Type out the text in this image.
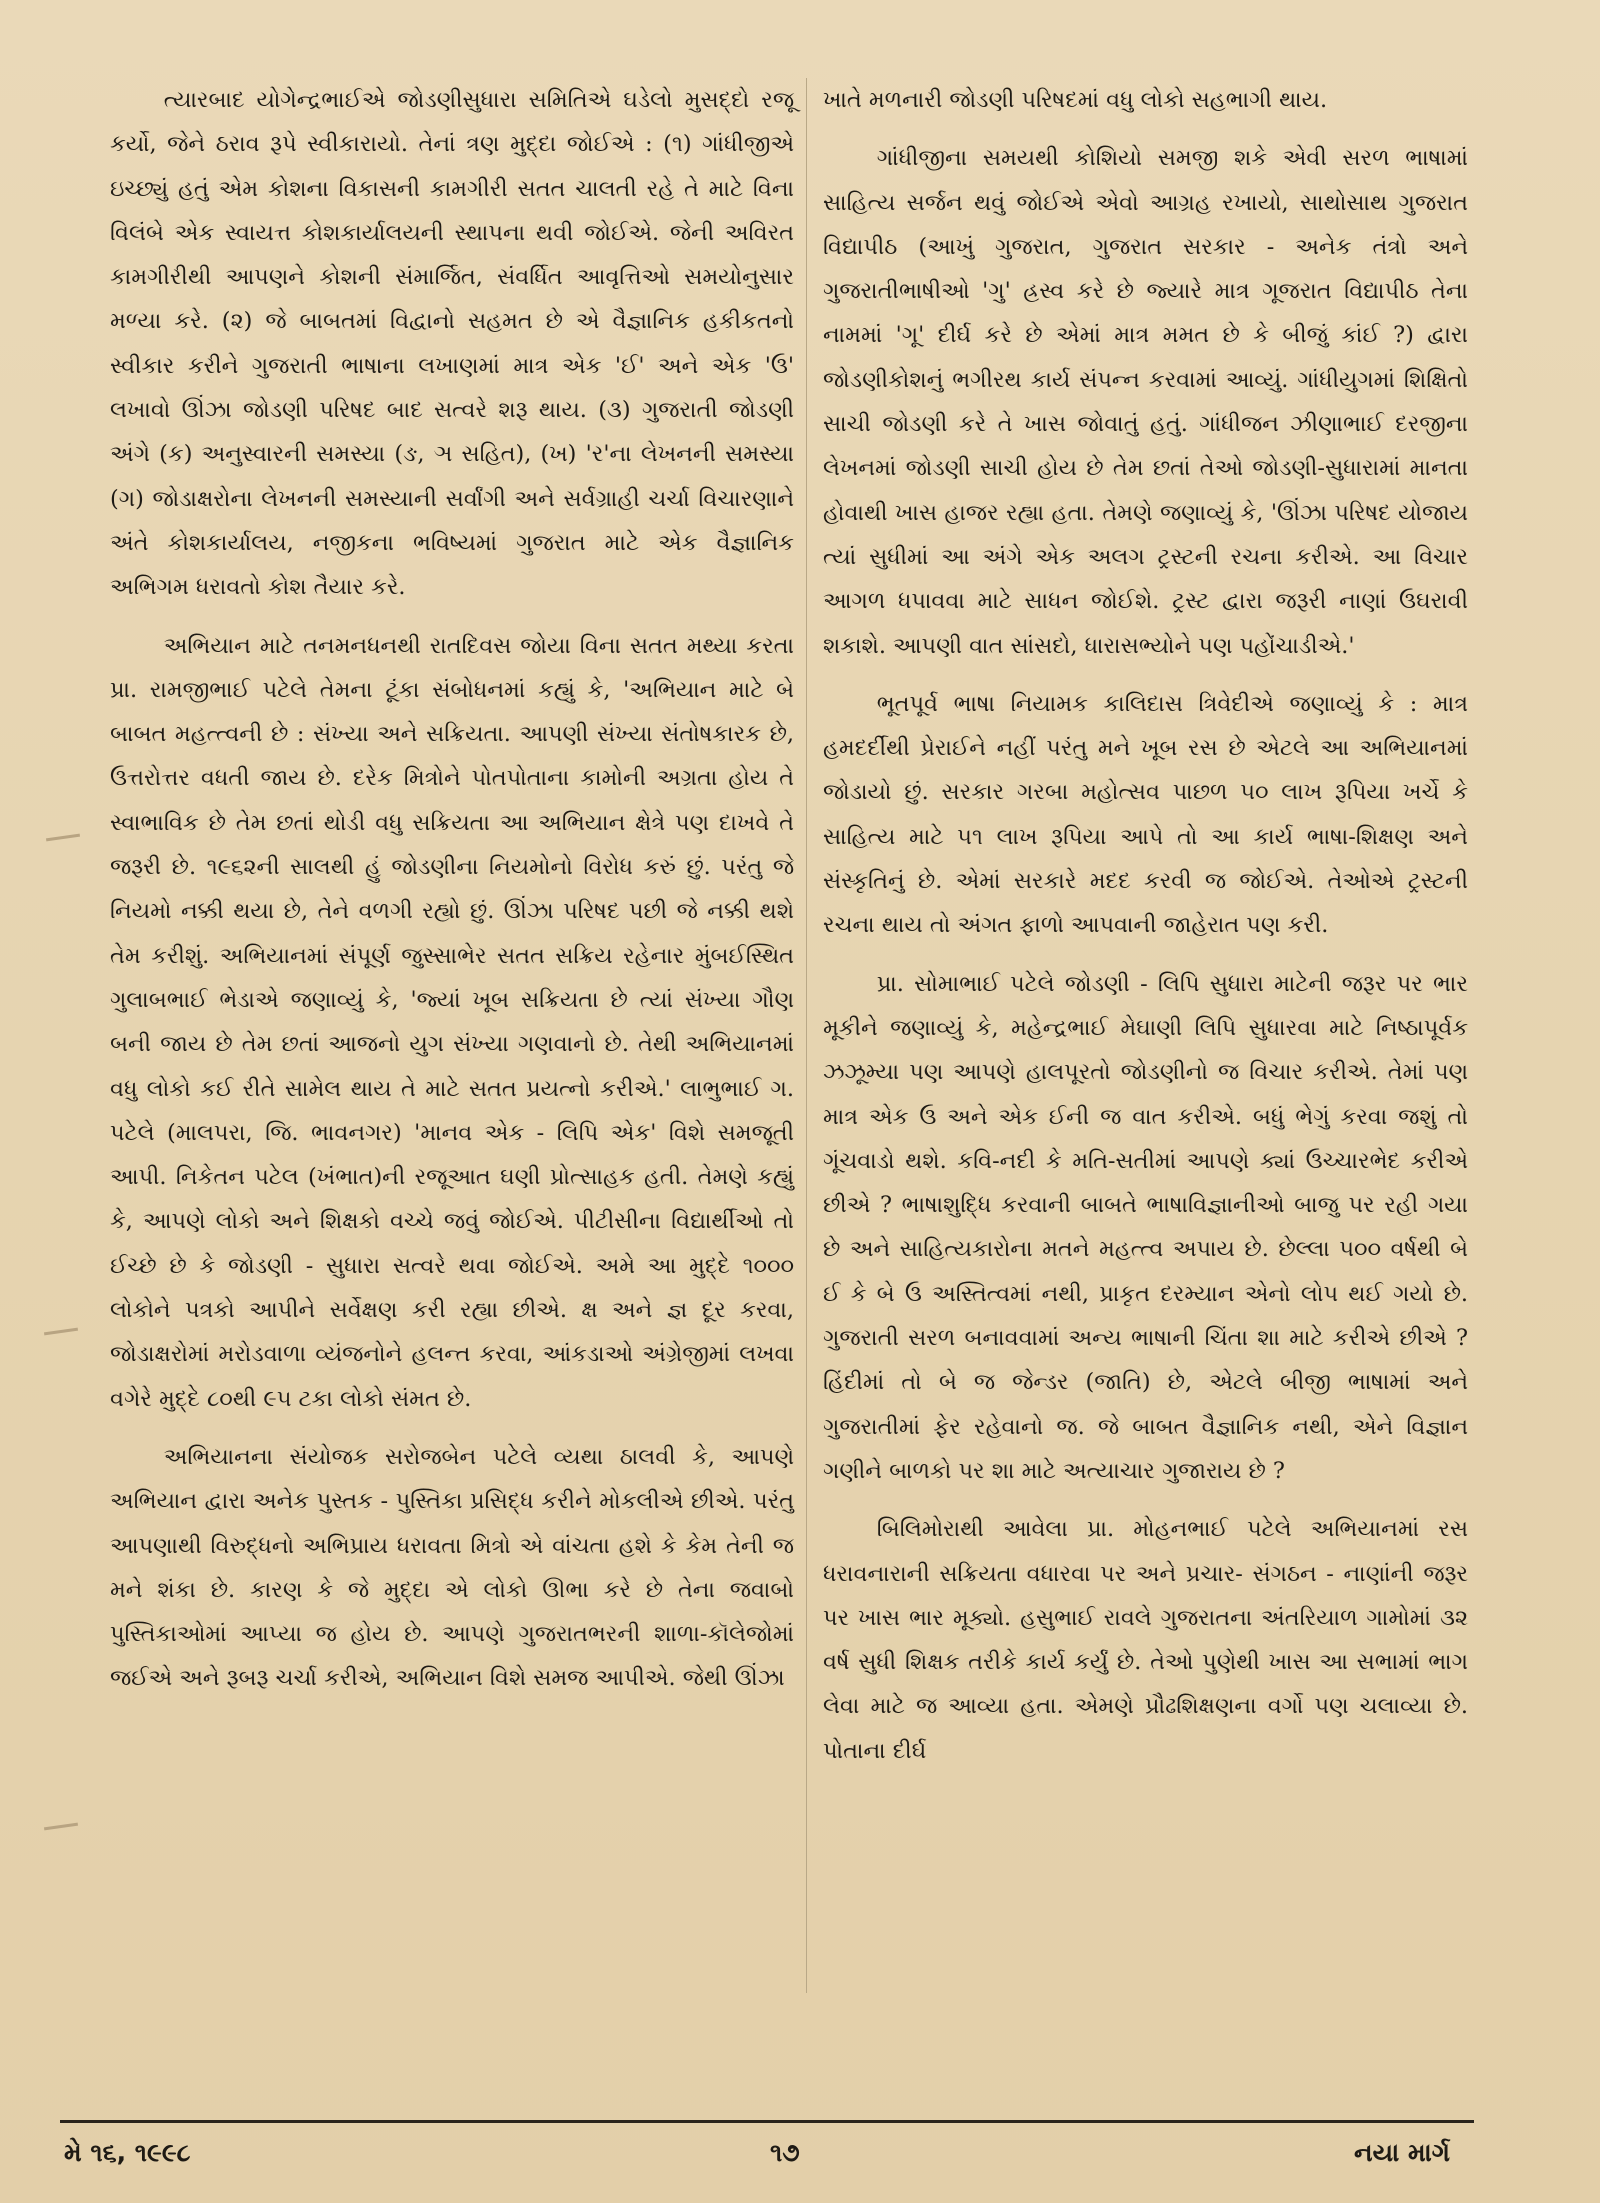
ત્યારબાદ યોગેન્દ્રભાઈએ જોડણીસુધારા સમિતિએ ઘડેલો મુસદ્દો રજૂ કર્યો, જેને ઠરાવ રૂપે સ્વીકારાયો. તેનાં ત્રણ મુદ્દા જોઈએ : (૧) ગાંધીજીએ ઇચ્છ્યું હતું એમ કોશના વિકાસની કામગીરી સતત ચાલતી રહે તે માટે વિના વિલંબે એક સ્વાયત્ત કોશકાર્યાલયની સ્થાપના થવી જોઈએ. જેની અવિરત કામગીરીથી આપણને કોશની સંમાર્જિત, સંવર્ધિત આવૃત્તિઓ સમયોનુસાર મળ્યા કરે. (૨) જે બાબતમાં વિદ્વાનો સહમત છે એ વૈજ્ઞાનિક હકીકતનો સ્વીકાર કરીને ગુજરાતી ભાષાના લખાણમાં માત્ર એક 'ઈ' અને એક 'ઉ' લખાવો ઊંઝા જોડણી પરિષદ બાદ સત્વરે શરૂ થાય. (૩) ગુજરાતી જોડણી અંગે (ક) અનુસ્વારની સમસ્યા (ઙ, ઞ સહિત), (ખ) 'ર'ના લેખનની સમસ્યા (ગ) જોડાક્ષરોના લેખનની સમસ્યાની સર્વાંગી અને સર્વગ્રાહી ચર્ચા વિચારણાને અંતે કોશકાર્યાલય, નજીકના ભવિષ્યમાં ગુજરાત માટે એક વૈજ્ઞાનિક અભિગમ ધરાવતો કોશ તૈયાર કરે.

અભિયાન માટે તનમનધનથી રાતદિવસ જોયા વિના સતત મથ્યા કરતા પ્રા. રામજીભાઈ પટેલે તેમના ટૂંકા સંબોધનમાં કહ્યું કે, 'અભિયાન માટે બે બાબત મહત્ત્વની છે : સંખ્યા અને સક્રિયતા. આપણી સંખ્યા સંતોષકારક છે, ઉત્તરોત્તર વધતી જાય છે. દરેક મિત્રોને પોતપોતાના કામોની અગ્રતા હોય તે સ્વાભાવિક છે તેમ છતાં થોડી વધુ સક્રિયતા આ અભિયાન ક્ષેત્રે પણ દાખવે તે જરૂરી છે. ૧૯૬૨ની સાલથી હું જોડણીના નિયમોનો વિરોધ કરું છું. પરંતુ જે નિયમો નક્કી થયા છે, તેને વળગી રહ્યો છું. ઊંઝા પરિષદ પછી જે નક્કી થશે તેમ કરીશું. અભિયાનમાં સંપૂર્ણ જુસ્સાભેર સતત સક્રિય રહેનાર મુંબઈસ્થિત ગુલાબભાઈ ભેડાએ જણાવ્યું કે, 'જ્યાં ખૂબ સક્રિયતા છે ત્યાં સંખ્યા ગૌણ બની જાય છે તેમ છતાં આજનો યુગ સંખ્યા ગણવાનો છે. તેથી અભિયાનમાં વધુ લોકો કઈ રીતે સામેલ થાય તે માટે સતત પ્રયત્નો કરીએ.' લાભુભાઈ ગ. પટેલે (માલપરા, જિ. ભાવનગર) 'માનવ એક - લિપિ એક' વિશે સમજૂતી આપી. નિકેતન પટેલ (ખંભાત)ની રજૂઆત ઘણી પ્રોત્સાહક હતી. તેમણે કહ્યું કે, આપણે લોકો અને શિક્ષકો વચ્ચે જવું જોઈએ. પીટીસીના વિદ્યાર્થીઓ તો ઈચ્છે છે કે જોડણી - સુધારા સત્વરે થવા જોઈએ. અમે આ મુદ્દે ૧૦૦૦ લોકોને પત્રકો આપીને સર્વેક્ષણ કરી રહ્યા છીએ. ક્ષ અને જ્ઞ દૂર કરવા, જોડાક્ષરોમાં મરોડવાળા વ્યંજનોને હલન્ત કરવા, આંકડાઓ અંગ્રેજીમાં લખવા વગેરે મુદ્દે ૮૦થી ૯૫ ટકા લોકો સંમત છે.

અભિયાનના સંયોજક સરોજબેન પટેલે વ્યથા ઠાલવી કે, આપણે અભિયાન દ્વારા અનેક પુસ્તક - પુસ્તિકા પ્રસિદ્ધ કરીને મોકલીએ છીએ. પરંતુ આપણાથી વિરુદ્ધનો અભિપ્રાય ધરાવતા મિત્રો એ વાંચતા હશે કે કેમ તેની જ મને શંકા છે. કારણ કે જે મુદ્દા એ લોકો ઊભા કરે છે તેના જવાબો પુસ્તિકાઓમાં આપ્યા જ હોય છે. આપણે ગુજરાતભરની શાળા-કૉલેજોમાં જઈએ અને રૂબરૂ ચર્ચા કરીએ, અભિયાન વિશે સમજ આપીએ. જેથી ઊંઝા

ખાતે મળનારી જોડણી પરિષદમાં વધુ લોકો સહભાગી થાય.

ગાંધીજીના સમયથી કોશિયો સમજી શકે એવી સરળ ભાષામાં સાહિત્ય સર્જન થવું જોઈએ એવો આગ્રહ રખાયો, સાથોસાથ ગુજરાત વિદ્યાપીઠ (આખું ગુજરાત, ગુજરાત સરકાર - અનેક તંત્રો અને ગુજરાતીભાષીઓ 'ગુ' હ્રસ્વ કરે છે જ્યારે માત્ર ગૂજરાત વિદ્યાપીઠ તેના નામમાં 'ગૂ' દીર્ઘ કરે છે એમાં માત્ર મમત છે કે બીજું કાંઈ ?) દ્વારા જોડણીકોશનું ભગીરથ કાર્ય સંપન્ન કરવામાં આવ્યું. ગાંધીયુગમાં શિક્ષિતો સાચી જોડણી કરે તે ખાસ જોવાતું હતું. ગાંધીજન ઝીણાભાઈ દરજીના લેખનમાં જોડણી સાચી હોય છે તેમ છતાં તેઓ જોડણી-સુધારામાં માનતા હોવાથી ખાસ હાજર રહ્યા હતા. તેમણે જણાવ્યું કે, 'ઊંઝા પરિષદ યોજાય ત્યાં સુધીમાં આ અંગે એક અલગ ટ્રસ્ટની રચના કરીએ. આ વિચાર આગળ ધપાવવા માટે સાધન જોઈશે. ટ્રસ્ટ દ્વારા જરૂરી નાણાં ઉઘરાવી શકાશે. આપણી વાત સાંસદો, ધારાસભ્યોને પણ પહોંચાડીએ.'

ભૂતપૂર્વ ભાષા નિયામક કાલિદાસ ત્રિવેદીએ જણાવ્યું કે : માત્ર હમદર્દીથી પ્રેરાઈને નહીં પરંતુ મને ખૂબ રસ છે એટલે આ અભિયાનમાં જોડાયો છું. સરકાર ગરબા મહોત્સવ પાછળ ૫૦ લાખ રૂપિયા ખર્ચે કે સાહિત્ય માટે ૫૧ લાખ રૂપિયા આપે તો આ કાર્ય ભાષા-શિક્ષણ અને સંસ્કૃતિનું છે. એમાં સરકારે મદદ કરવી જ જોઈએ. તેઓએ ટ્રસ્ટની રચના થાય તો અંગત ફાળો આપવાની જાહેરાત પણ કરી.

પ્રા. સોમાભાઈ પટેલે જોડણી - લિપિ સુધારા માટેની જરૂર પર ભાર મૂકીને જણાવ્યું કે, મહેન્દ્રભાઈ મેઘાણી લિપિ સુધારવા માટે નિષ્ઠાપૂર્વક ઝઝૂમ્યા પણ આપણે હાલપૂરતો જોડણીનો જ વિચાર કરીએ. તેમાં પણ માત્ર એક ઉ અને એક ઈની જ વાત કરીએ. બધું ભેગું કરવા જશું તો ગૂંચવાડો થશે. કવિ-નદી કે મતિ-સતીમાં આપણે ક્યાં ઉચ્ચારભેદ કરીએ છીએ ? ભાષાશુદ્ધિ કરવાની બાબતે ભાષાવિજ્ઞાનીઓ બાજુ પર રહી ગયા છે અને સાહિત્યકારોના મતને મહત્ત્વ અપાય છે. છેલ્લા ૫૦૦ વર્ષથી બે ઈ કે બે ઉ અસ્તિત્વમાં નથી, પ્રાકૃત દરમ્યાન એનો લોપ થઈ ગયો છે. ગુજરાતી સરળ બનાવવામાં અન્ય ભાષાની ચિંતા શા માટે કરીએ છીએ ? હિંદીમાં તો બે જ જેન્ડર (જાતિ) છે, એટલે બીજી ભાષામાં અને ગુજરાતીમાં ફેર રહેવાનો જ. જે બાબત વૈજ્ઞાનિક નથી, એને વિજ્ઞાન ગણીને બાળકો પર શા માટે અત્યાચાર ગુજારાય છે ?

બિલિમોરાથી આવેલા પ્રા. મોહનભાઈ પટેલે અભિયાનમાં રસ ધરાવનારાની સક્રિયતા વધારવા પર અને પ્રચાર- સંગઠન - નાણાંની જરૂર પર ખાસ ભાર મૂક્યો. હસુભાઈ રાવલે ગુજરાતના અંતરિયાળ ગામોમાં ૩૨ વર્ષ સુધી શિક્ષક તરીકે કાર્ય કર્યું છે. તેઓ પુણેથી ખાસ આ સભામાં ભાગ લેવા માટે જ આવ્યા હતા. એમણે પ્રૌઢશિક્ષણના વર્ગો પણ ચલાવ્યા છે. પોતાના દીર્ઘ

મે ૧૬, ૧૯૯૮	૧૭	નયા માર્ગ
